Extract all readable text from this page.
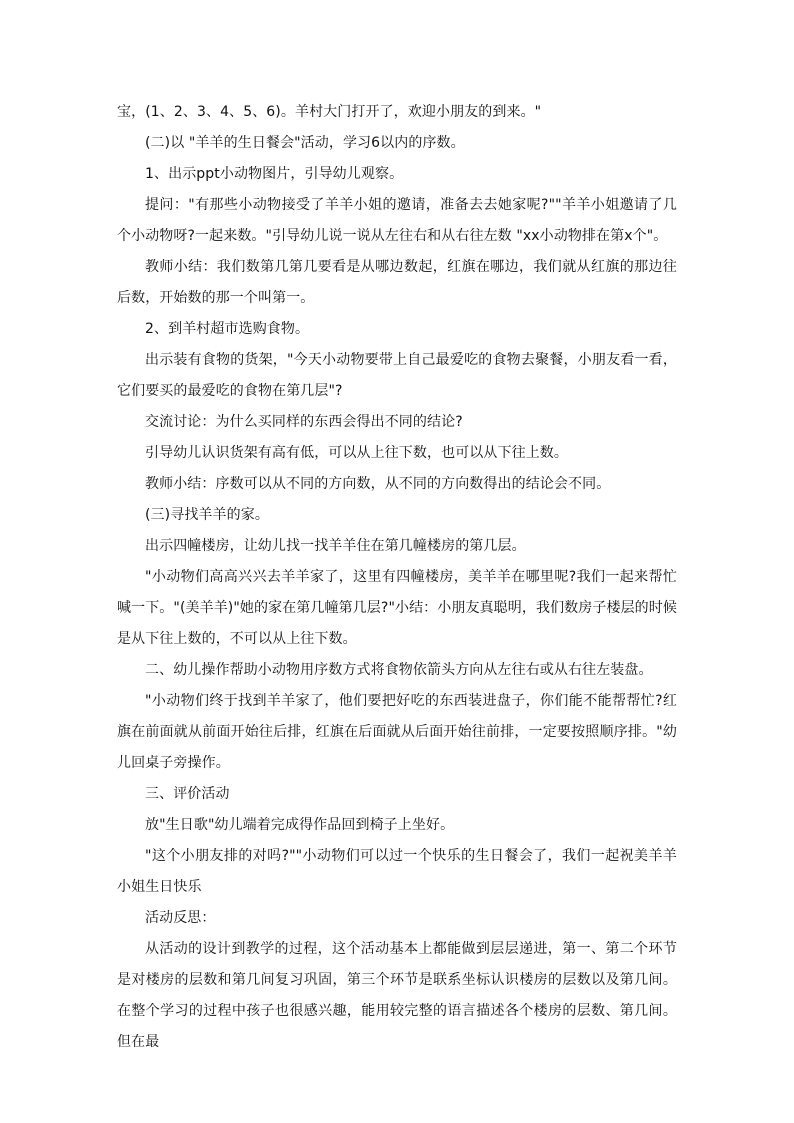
宝，(1、2、3、4、5、6)。羊村大门打开了，欢迎小朋友的到来。"

(二)以 "羊羊的生日餐会"活动，学习6以内的序数。

1、出示ppt小动物图片，引导幼儿观察。

提问："有那些小动物接受了羊羊小姐的邀请，准备去去她家呢?""羊羊小姐邀请了几个小动物呀?一起来数。"引导幼儿说一说从左往右和从右往左数 "xx小动物排在第x个"。

教师小结：我们数第几第几要看是从哪边数起，红旗在哪边，我们就从红旗的那边往后数，开始数的那一个叫第一。

2、到羊村超市选购食物。

出示装有食物的货架，"今天小动物要带上自己最爱吃的食物去聚餐，小朋友看一看，它们要买的最爱吃的食物在第几层"?

交流讨论：为什么买同样的东西会得出不同的结论?

引导幼儿认识货架有高有低，可以从上往下数，也可以从下往上数。

教师小结：序数可以从不同的方向数，从不同的方向数得出的结论会不同。

(三)寻找羊羊的家。

出示四幢楼房，让幼儿找一找羊羊住在第几幢楼房的第几层。

"小动物们高高兴兴去羊羊家了，这里有四幢楼房，美羊羊在哪里呢?我们一起来帮忙喊一下。"(美羊羊)"她的家在第几幢第几层?"小结：小朋友真聪明，我们数房子楼层的时候是从下往上数的，不可以从上往下数。

二、幼儿操作帮助小动物用序数方式将食物依箭头方向从左往右或从右往左装盘。

"小动物们终于找到羊羊家了，他们要把好吃的东西装进盘子，你们能不能帮帮忙?红旗在前面就从前面开始往后排，红旗在后面就从后面开始往前排，一定要按照顺序排。"幼儿回桌子旁操作。

三、评价活动

放"生日歌"幼儿端着完成得作品回到椅子上坐好。

"这个小朋友排的对吗?""小动物们可以过一个快乐的生日餐会了，我们一起祝美羊羊小姐生日快乐

活动反思：

从活动的设计到教学的过程，这个活动基本上都能做到层层递进，第一、第二个环节是对楼房的层数和第几间复习巩固，第三个环节是联系坐标认识楼房的层数以及第几间。在整个学习的过程中孩子也很感兴趣，能用较完整的语言描述各个楼房的层数、第几间。但在最
